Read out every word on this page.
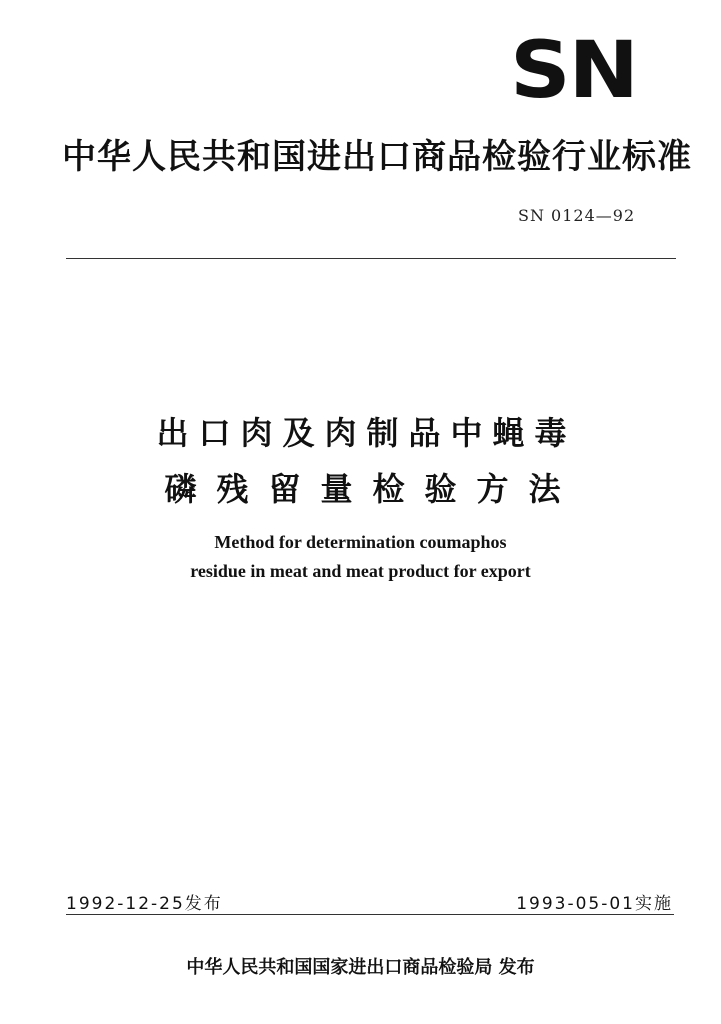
SN
中华人民共和国进出口商品检验行业标准
SN 0124—92
出口肉及肉制品中蝇毒
磷残留量检验方法
Method for determination coumaphos
residue in meat and meat product for export
1992-12-25发布	1993-05-01实施
中华人民共和国国家进出口商品检验局 发布
